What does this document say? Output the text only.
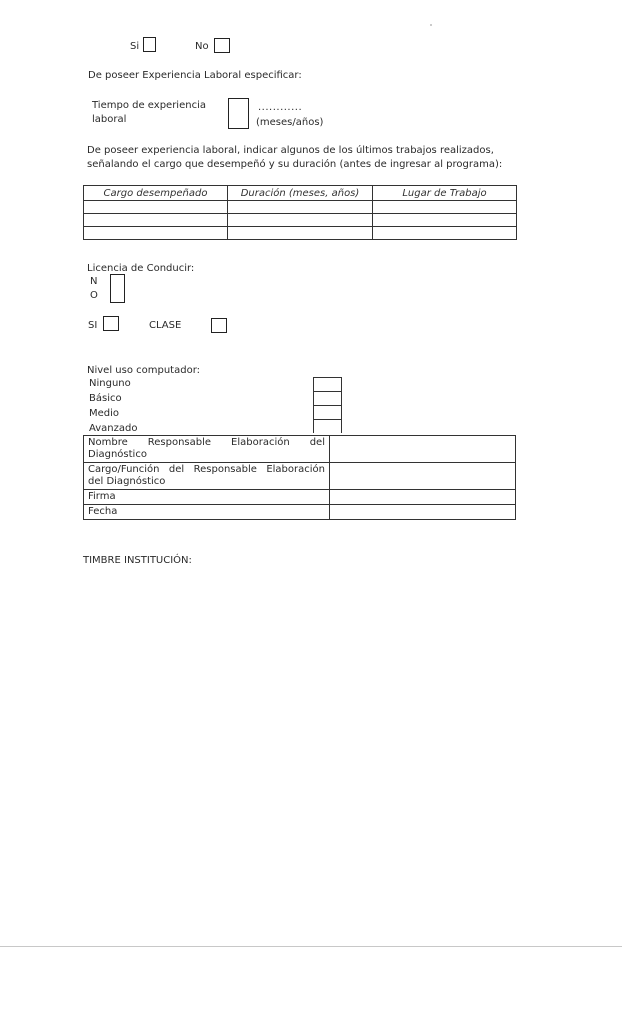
Si	No
De poseer Experiencia Laboral especificar:
Tiempo de experiencia
laboral
............
(meses/años)
De poseer experiencia laboral, indicar algunos de los últimos trabajos realizados,
señalando el cargo que desempeñó y su duración (antes de ingresar al programa):
Cargo desempeñado	Duración (meses, años)	Lugar de Trabajo

Licencia de Conducir:
N
O
SI	CLASE
Nivel uso computador:
Ninguno
Básico
Medio
Avanzado
Nombre Responsable Elaboración del
Diagnóstico	

Cargo/Función del Responsable Elaboración
del Diagnóstico	

Firma	
Fecha	
TIMBRE INSTITUCIÓN:
